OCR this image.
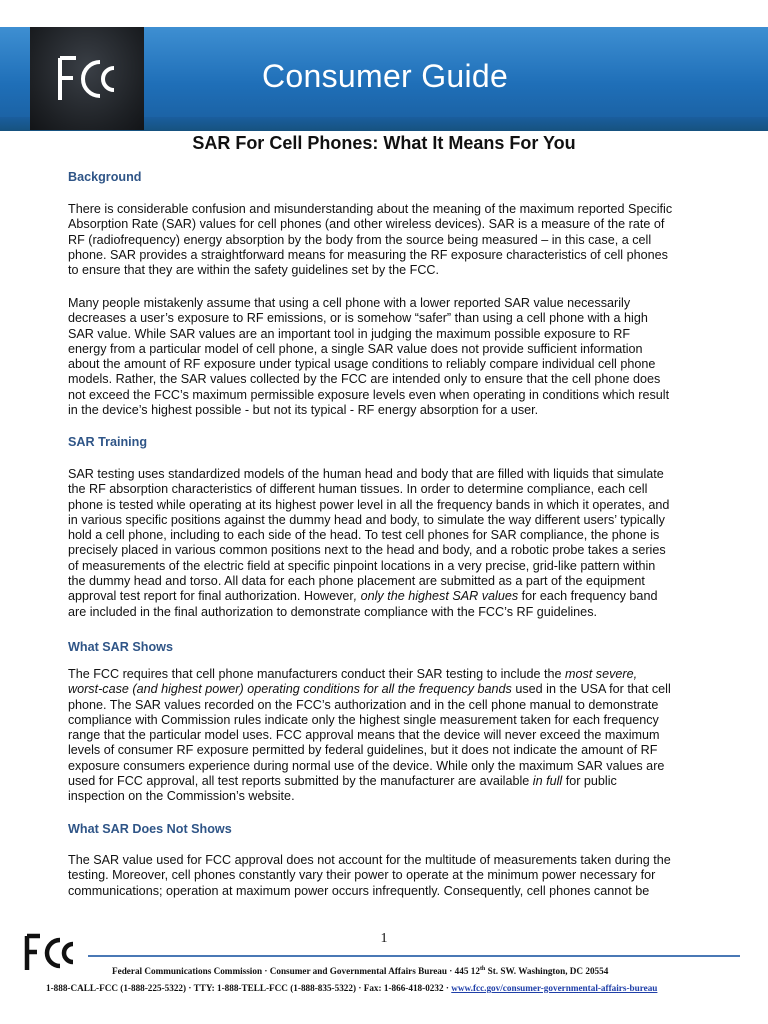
Consumer Guide
SAR For Cell Phones: What It Means For You
Background

There is considerable confusion and misunderstanding about the meaning of the maximum reported Specific
Absorption Rate (SAR) values for cell phones (and other wireless devices). SAR is a measure of the rate of
RF (radiofrequency) energy absorption by the body from the source being measured – in this case, a cell
phone. SAR provides a straightforward means for measuring the RF exposure characteristics of cell phones
to ensure that they are within the safety guidelines set by the FCC.

Many people mistakenly assume that using a cell phone with a lower reported SAR value necessarily
decreases a user’s exposure to RF emissions, or is somehow “safer” than using a cell phone with a high
SAR value. While SAR values are an important tool in judging the maximum possible exposure to RF
energy from a particular model of cell phone, a single SAR value does not provide sufficient information
about the amount of RF exposure under typical usage conditions to reliably compare individual cell phone
models. Rather, the SAR values collected by the FCC are intended only to ensure that the cell phone does
not exceed the FCC’s maximum permissible exposure levels even when operating in conditions which result
in the device’s highest possible - but not its typical - RF energy absorption for a user.

SAR Training

SAR testing uses standardized models of the human head and body that are filled with liquids that simulate
the RF absorption characteristics of different human tissues. In order to determine compliance, each cell
phone is tested while operating at its highest power level in all the frequency bands in which it operates, and
in various specific positions against the dummy head and body, to simulate the way different users’ typically
hold a cell phone, including to each side of the head. To test cell phones for SAR compliance, the phone is
precisely placed in various common positions next to the head and body, and a robotic probe takes a series
of measurements of the electric field at specific pinpoint locations in a very precise, grid-like pattern within
the dummy head and torso. All data for each phone placement are submitted as a part of the equipment
approval test report for final authorization. However, only the highest SAR values for each frequency band
are included in the final authorization to demonstrate compliance with the FCC’s RF guidelines.

What SAR Shows

The FCC requires that cell phone manufacturers conduct their SAR testing to include the most severe,
worst-case (and highest power) operating conditions for all the frequency bands used in the USA for that cell
phone. The SAR values recorded on the FCC’s authorization and in the cell phone manual to demonstrate
compliance with Commission rules indicate only the highest single measurement taken for each frequency
range that the particular model uses. FCC approval means that the device will never exceed the maximum
levels of consumer RF exposure permitted by federal guidelines, but it does not indicate the amount of RF
exposure consumers experience during normal use of the device. While only the maximum SAR values are
used for FCC approval, all test reports submitted by the manufacturer are available in full for public
inspection on the Commission’s website.

What SAR Does Not Shows

The SAR value used for FCC approval does not account for the multitude of measurements taken during the
testing. Moreover, cell phones constantly vary their power to operate at the minimum power necessary for
communications; operation at maximum power occurs infrequently. Consequently, cell phones cannot be

1
Federal Communications Commission · Consumer and Governmental Affairs Bureau · 445 12th St. SW. Washington, DC 20554
1-888-CALL-FCC (1-888-225-5322) · TTY: 1-888-TELL-FCC (1-888-835-5322) · Fax: 1-866-418-0232 · www.fcc.gov/consumer-governmental-affairs-bureau
